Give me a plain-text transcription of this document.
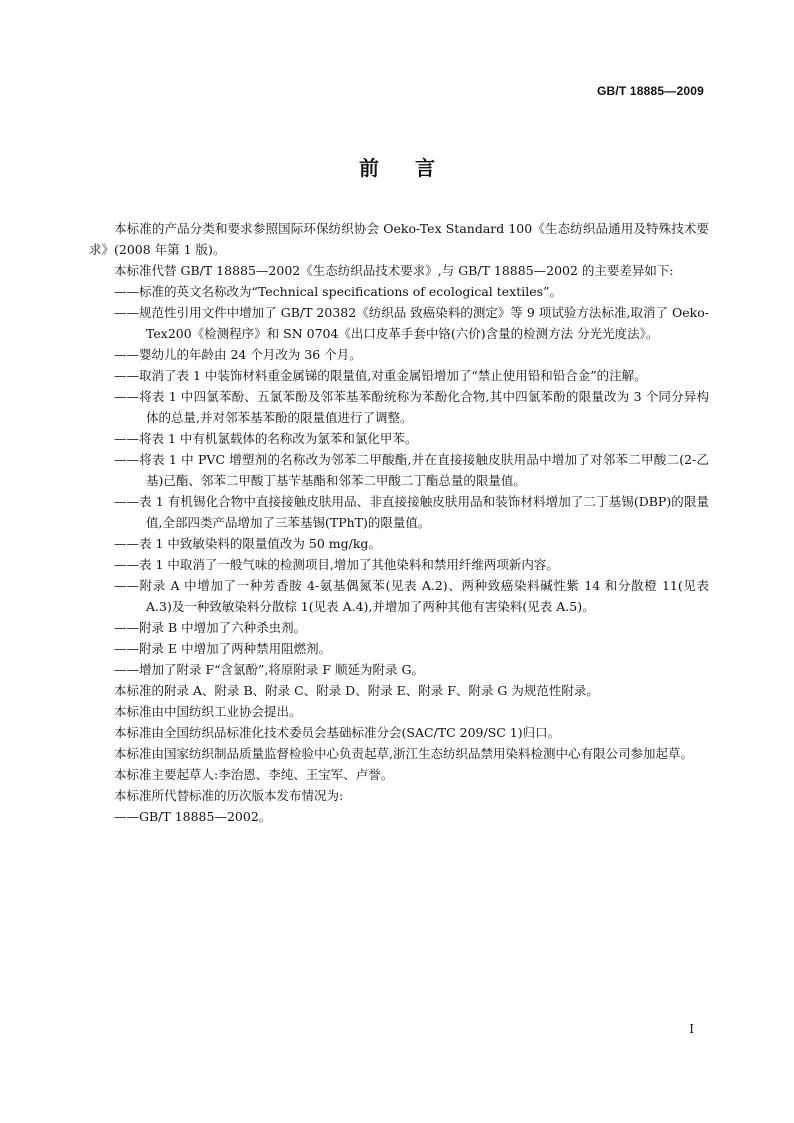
GB/T 18885—2009
前言

本标准的产品分类和要求参照国际环保纺织协会 Oeko-Tex Standard 100《生态纺织品通用及特殊技术要求》(2008 年第 1 版)。

本标准代替 GB/T 18885—2002《生态纺织品技术要求》,与 GB/T 18885—2002 的主要差异如下:

——标准的英文名称改为“Technical specifications of ecological textiles”。

——规范性引用文件中增加了 GB/T 20382《纺织品 致癌染料的测定》等 9 项试验方法标准,取消了 Oeko-Tex200《检测程序》和 SN 0704《出口皮革手套中铬(六价)含量的检测方法 分光光度法》。

——婴幼儿的年龄由 24 个月改为 36 个月。

——取消了表 1 中装饰材料重金属锑的限量值,对重金属铅增加了“禁止使用铅和铅合金”的注解。

——将表 1 中四氯苯酚、五氯苯酚及邻苯基苯酚统称为苯酚化合物,其中四氯苯酚的限量改为 3 个同分异构体的总量,并对邻苯基苯酚的限量值进行了调整。

——将表 1 中有机氯载体的名称改为氯苯和氯化甲苯。

——将表 1 中 PVC 增塑剂的名称改为邻苯二甲酸酯,并在直接接触皮肤用品中增加了对邻苯二甲酸二(2-乙基)己酯、邻苯二甲酸丁基苄基酯和邻苯二甲酸二丁酯总量的限量值。

——表 1 有机锡化合物中直接接触皮肤用品、非直接接触皮肤用品和装饰材料增加了二丁基锡(DBP)的限量值,全部四类产品增加了三苯基锡(TPhT)的限量值。

——表 1 中致敏染料的限量值改为 50 mg/kg。

——表 1 中取消了一般气味的检测项目,增加了其他染料和禁用纤维两项新内容。

——附录 A 中增加了一种芳香胺 4-氨基偶氮苯(见表 A.2)、两种致癌染料碱性紫 14 和分散橙 11(见表 A.3)及一种致敏染料分散棕 1(见表 A.4),并增加了两种其他有害染料(见表 A.5)。

——附录 B 中增加了六种杀虫剂。

——附录 E 中增加了两种禁用阻燃剂。

——增加了附录 F“含氯酚”,将原附录 F 顺延为附录 G。

本标准的附录 A、附录 B、附录 C、附录 D、附录 E、附录 F、附录 G 为规范性附录。

本标准由中国纺织工业协会提出。

本标准由全国纺织品标准化技术委员会基础标准分会(SAC/TC 209/SC 1)归口。

本标准由国家纺织制品质量监督检验中心负责起草,浙江生态纺织品禁用染料检测中心有限公司参加起草。

本标准主要起草人:李治恩、李纯、王宝军、卢誉。

本标准所代替标准的历次版本发布情况为:

——GB/T 18885—2002。

I
